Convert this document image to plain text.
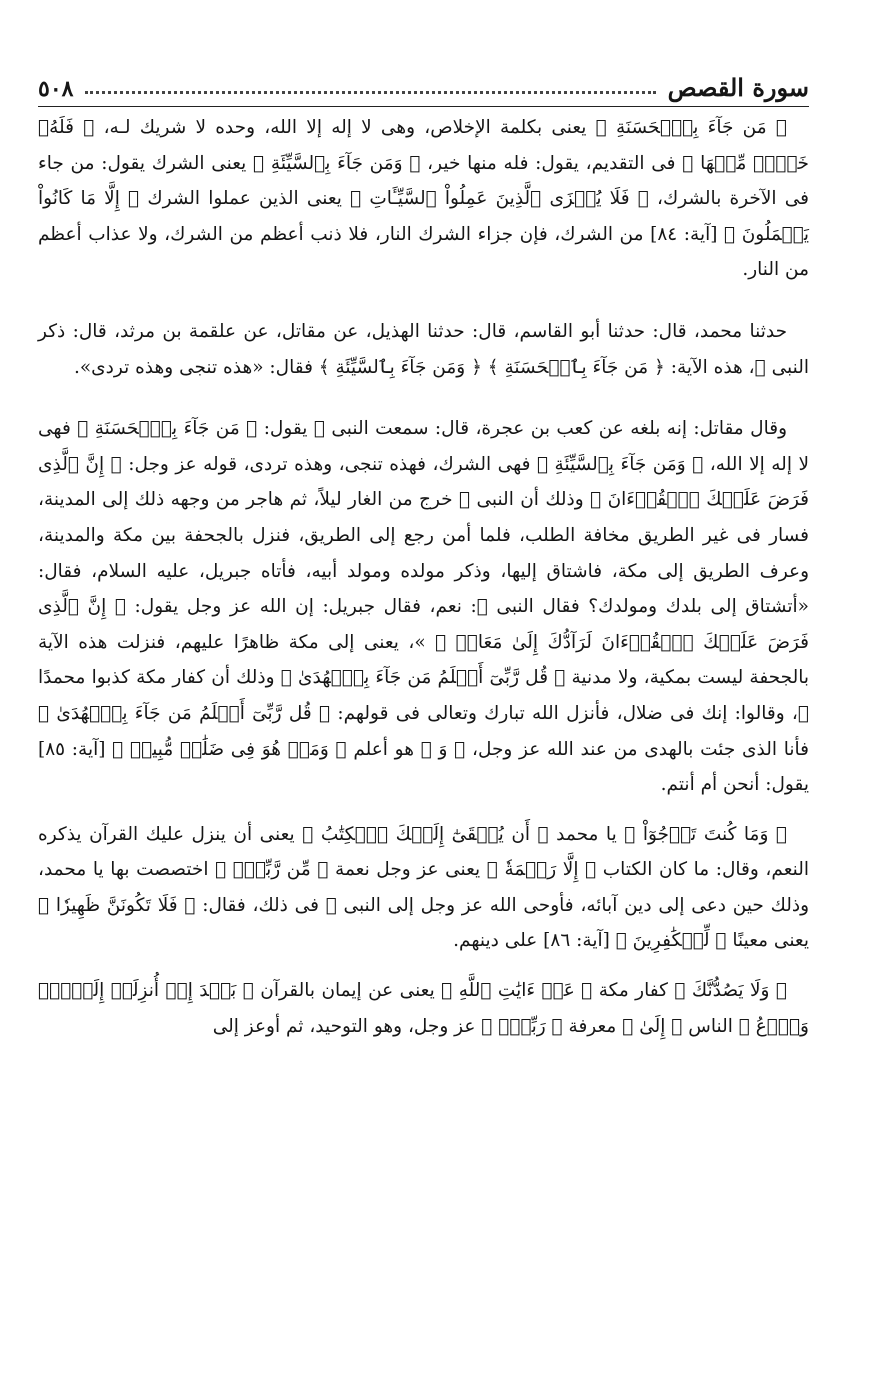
سورة القصص
٥٠٨

﴿ مَن جَآءَ بِٱلۡحَسَنَةِ ﴾ يعنى بكلمة الإخلاص، وهى لا إله إلا الله، وحده لا شريك لـه، ﴿ فَلَهُۥ خَيۡرٞ مِّنۡهَا ﴾ فى التقديم، يقول: فله منها خير، ﴿ وَمَن جَآءَ بِٱلسَّيِّئَةِ ﴾ يعنى الشرك يقول: من جاء فى الآخرة بالشرك، ﴿ فَلَا يُجۡزَى ٱلَّذِينَ عَمِلُواْ ٱلسَّيِّـَٔاتِ ﴾ يعنى الذين عملوا الشرك ﴿ إِلَّا مَا كَانُواْ يَعۡمَلُونَ ﴾ [آية: ٨٤] من الشرك، فإن جزاء الشرك النار، فلا ذنب أعظم من الشرك، ولا عذاب أعظم من النار.

حدثنا محمد، قال: حدثنا أبو القاسم، قال: حدثنا الهذيل، عن مقاتل، عن علقمة بن مرثد، قال: ذكر النبى ﷺ، هذه الآية: ﴿ مَن جَآءَ بِٱلۡحَسَنَةِ ﴾ ﴿ وَمَن جَآءَ بِٱلسَّيِّئَةِ ﴾ فقال: «هذه تنجى وهذه تردى».

وقال مقاتل: إنه بلغه عن كعب بن عجرة، قال: سمعت النبى ﷺ يقول: ﴿ مَن جَآءَ بِٱلۡحَسَنَةِ ﴾ فهى لا إله إلا الله، ﴿ وَمَن جَآءَ بِٱلسَّيِّئَةِ ﴾ فهى الشرك، فهذه تنجى، وهذه تردى، قوله عز وجل: ﴿ إِنَّ ٱلَّذِى فَرَضَ عَلَيۡكَ ٱلۡقُرۡءَانَ ﴾ وذلك أن النبى ﷺ خرج من الغار ليلاً، ثم هاجر من وجهه ذلك إلى المدينة، فسار فى غير الطريق مخافة الطلب، فلما أمن رجع إلى الطريق، فنزل بالجحفة بين مكة والمدينة، وعرف الطريق إلى مكة، فاشتاق إليها، وذكر مولده ومولد أبيه، فأتاه جبريل، عليه السلام، فقال: «أتشتاق إلى بلدك ومولدك؟ فقال النبى ﷺ: نعم، فقال جبريل: إن الله عز وجل يقول: ﴿ إِنَّ ٱلَّذِى فَرَضَ عَلَيۡكَ ٱلۡقُرۡءَانَ لَرَآدُّكَ إِلَىٰ مَعَادٖ ﴾ »، يعنى إلى مكة ظاهرًا عليهم، فنزلت هذه الآية بالجحفة ليست بمكية، ولا مدنية ﴿ قُل رَّبِّىٓ أَعۡلَمُ مَن جَآءَ بِٱلۡهُدَىٰ ﴾ وذلك أن كفار مكة كذبوا محمدًا ﷺ، وقالوا: إنك فى ضلال، فأنزل الله تبارك وتعالى فى قولهم: ﴿ قُل رَّبِّىٓ أَعۡلَمُ مَن جَآءَ بِٱلۡهُدَىٰ ﴾ فأنا الذى جئت بالهدى من عند الله عز وجل، ﴿ وَ ﴾ هو أعلم ﴿ وَمَنۡ هُوَ فِى ضَلَٰلٖ مُّبِينٖ ﴾ [آية: ٨٥] يقول: أنحن أم أنتم.

﴿ وَمَا كُنتَ تَرۡجُوٓاْ ﴾ يا محمد ﴿ أَن يُلۡقَىٰٓ إِلَيۡكَ ٱلۡكِتَٰبُ ﴾ يعنى أن ينزل عليك القرآن يذكره النعم، وقال: ما كان الكتاب ﴿ إِلَّا رَحۡمَةٗ ﴾ يعنى عز وجل نعمة ﴿ مِّن رَّبِّكَۖ ﴾ اختصصت بها يا محمد، وذلك حين دعى إلى دين آبائه، فأوحى الله عز وجل إلى النبى ﷺ فى ذلك، فقال: ﴿ فَلَا تَكُونَنَّ ظَهِيرٗا ﴾ يعنى معينًا ﴿ لِّلۡكَٰفِرِينَ ﴾ [آية: ٨٦] على دينهم.

﴿ وَلَا يَصُدُّنَّكَ ﴾ كفار مكة ﴿ عَنۡ ءَايَٰتِ ٱللَّهِ ﴾ يعنى عن إيمان بالقرآن ﴿ بَعۡدَ إِذۡ أُنزِلَتۡ إِلَيۡكَۖ وَٱدۡعُ ﴾ الناس ﴿ إِلَىٰ ﴾ معرفة ﴿ رَبِّكَۖ ﴾ عز وجل، وهو التوحيد، ثم أوعز إلى
